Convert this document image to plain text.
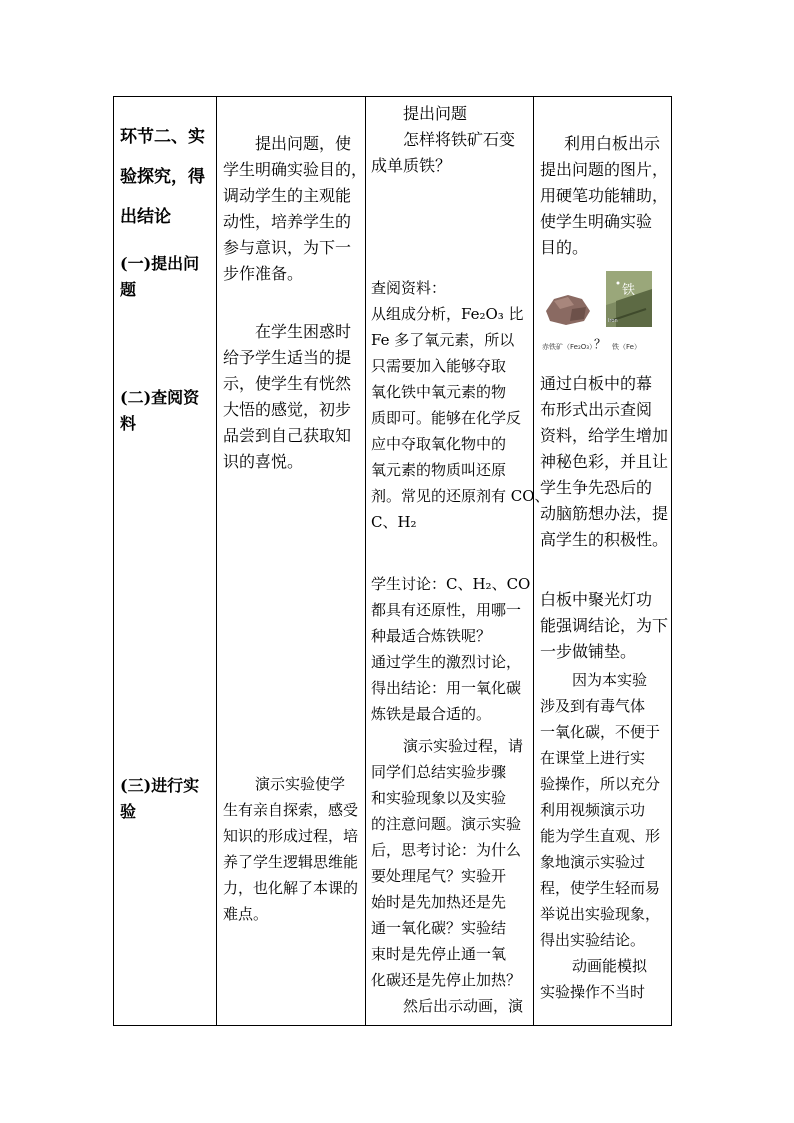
环节二、实
验探究，得
出结论
(一)提出问
题
(二)查阅资
料
(三)进行实
验
提出问题，使
学生明确实验目的，
调动学生的主观能
动性，培养学生的
参与意识，为下一
步作准备。
在学生困惑时
给予学生适当的提
示，使学生有恍然
大悟的感觉，初步
品尝到自己获取知
识的喜悦。
演示实验使学
生有亲自探索，感受
知识的形成过程，培
养了学生逻辑思维能
力，也化解了本课的
难点。
提出问题
怎样将铁矿石变
成单质铁？
查阅资料：
从组成分析，Fe₂O₃ 比
Fe 多了氧元素，所以
只需要加入能够夺取
氧化铁中氧元素的物
质即可。能够在化学反
应中夺取氧化物中的
氧元素的物质叫还原
剂。常见的还原剂有 CO、
C、H₂
学生讨论：C、H₂、CO
都具有还原性，用哪一
种最适合炼铁呢？
通过学生的激烈讨论，
得出结论：用一氧化碳
炼铁是最合适的。
演示实验过程，请
同学们总结实验步骤
和实验现象以及实验
的注意问题。演示实验
后，思考讨论：为什么
要处理尾气？实验开
始时是先加热还是先
通一氧化碳？实验结
束时是先停止通一氧
化碳还是先停止加热？
然后出示动画，演
利用白板出示
提出问题的图片，
用硬笔功能辅助，
使学生明确实验
目的。
赤铁矿（Fe₂O₃）
？
铁
Iron
铁（Fe）
通过白板中的幕
布形式出示查阅
资料，给学生增加
神秘色彩，并且让
学生争先恐后的
动脑筋想办法，提
高学生的积极性。
白板中聚光灯功
能强调结论，为下
一步做铺垫。
因为本实验
涉及到有毒气体
一氧化碳，不便于
在课堂上进行实
验操作，所以充分
利用视频演示功
能为学生直观、形
象地演示实验过
程，使学生轻而易
举说出实验现象，
得出实验结论。
动画能模拟
实验操作不当时
